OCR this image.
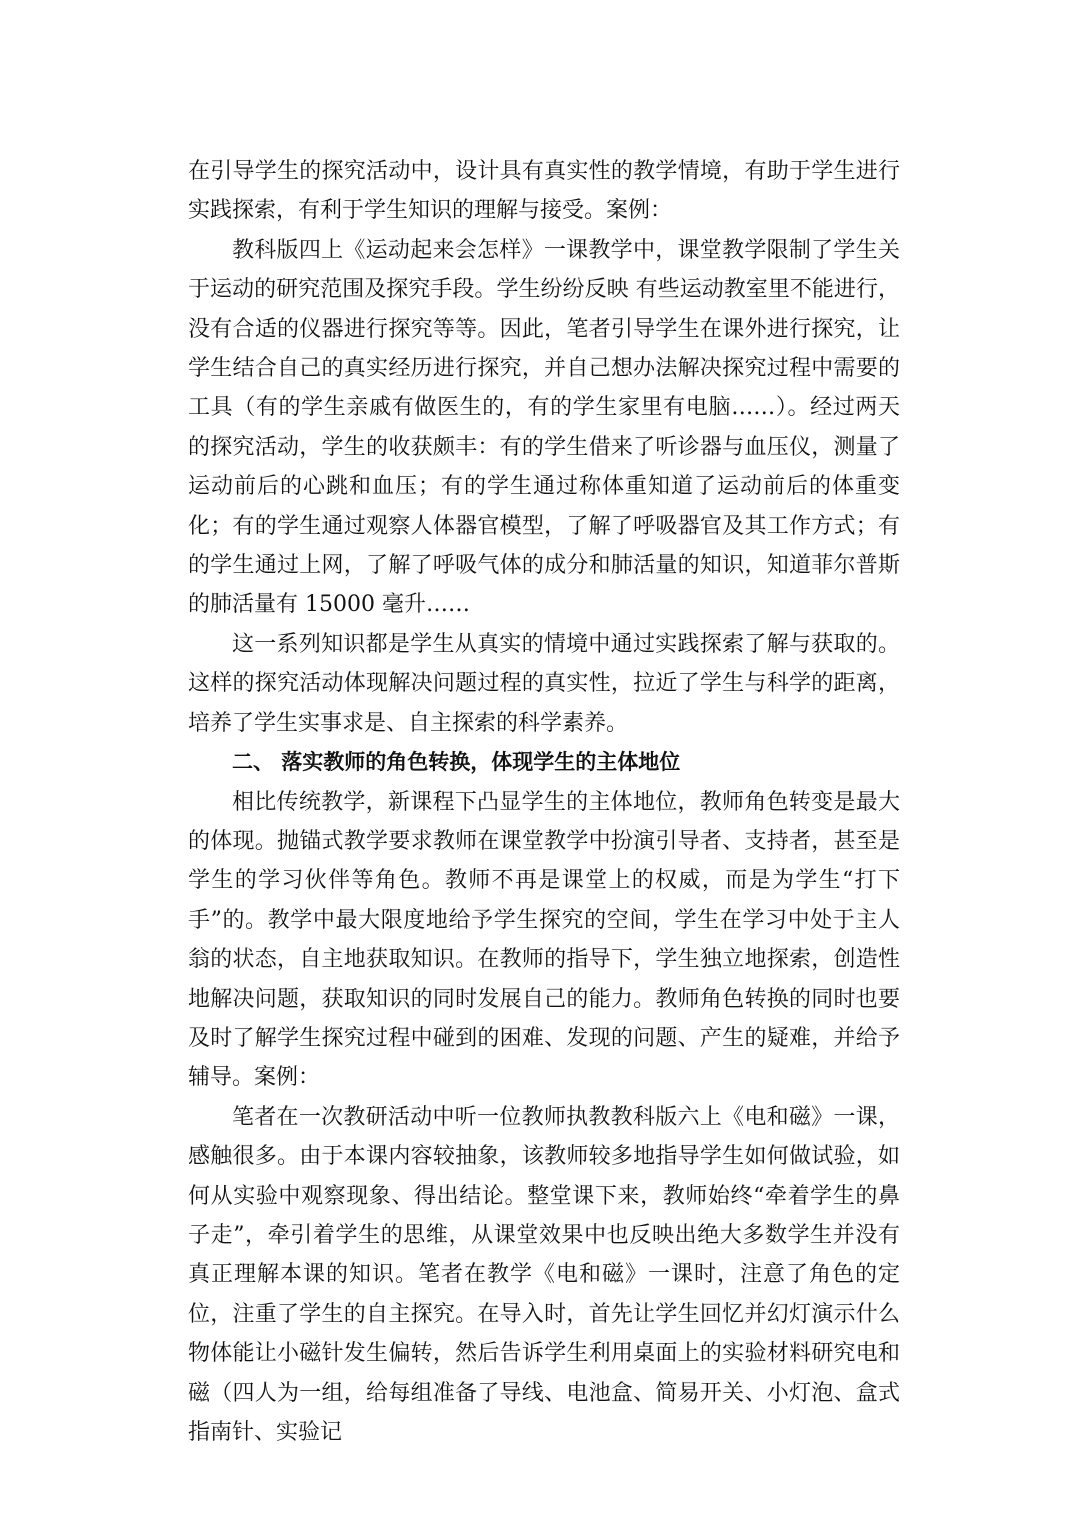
在引导学生的探究活动中，设计具有真实性的教学情境，有助于学生进行实践探索，有利于学生知识的理解与接受。案例：

教科版四上《运动起来会怎样》一课教学中，课堂教学限制了学生关于运动的研究范围及探究手段。学生纷纷反映 有些运动教室里不能进行，没有合适的仪器进行探究等等。因此，笔者引导学生在课外进行探究，让学生结合自己的真实经历进行探究，并自己想办法解决探究过程中需要的工具（有的学生亲戚有做医生的，有的学生家里有电脑……）。经过两天的探究活动，学生的收获颇丰：有的学生借来了听诊器与血压仪，测量了运动前后的心跳和血压；有的学生通过称体重知道了运动前后的体重变化；有的学生通过观察人体器官模型，了解了呼吸器官及其工作方式；有的学生通过上网，了解了呼吸气体的成分和肺活量的知识，知道菲尔普斯的肺活量有 15000 毫升……

这一系列知识都是学生从真实的情境中通过实践探索了解与获取的。这样的探究活动体现解决问题过程的真实性，拉近了学生与科学的距离，培养了学生实事求是、自主探索的科学素养。

二、 落实教师的角色转换，体现学生的主体地位

相比传统教学，新课程下凸显学生的主体地位，教师角色转变是最大的体现。抛锚式教学要求教师在课堂教学中扮演引导者、支持者，甚至是学生的学习伙伴等角色。教师不再是课堂上的权威，而是为学生“打下手”的。教学中最大限度地给予学生探究的空间，学生在学习中处于主人翁的状态，自主地获取知识。在教师的指导下，学生独立地探索，创造性地解决问题，获取知识的同时发展自己的能力。教师角色转换的同时也要及时了解学生探究过程中碰到的困难、发现的问题、产生的疑难，并给予辅导。案例：

笔者在一次教研活动中听一位教师执教教科版六上《电和磁》一课，感触很多。由于本课内容较抽象，该教师较多地指导学生如何做试验，如何从实验中观察现象、得出结论。整堂课下来，教师始终“牵着学生的鼻子走”，牵引着学生的思维，从课堂效果中也反映出绝大多数学生并没有真正理解本课的知识。笔者在教学《电和磁》一课时，注意了角色的定位，注重了学生的自主探究。在导入时，首先让学生回忆并幻灯演示什么物体能让小磁针发生偏转，然后告诉学生利用桌面上的实验材料研究电和磁（四人为一组，给每组准备了导线、电池盒、简易开关、小灯泡、盒式指南针、实验记
